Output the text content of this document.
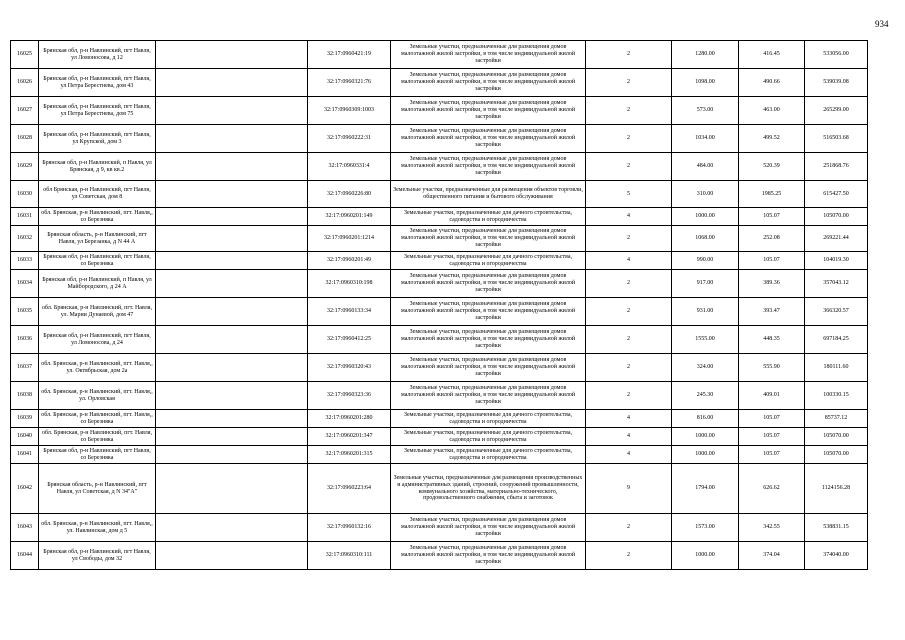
934
16025	Брянская обл, р-н Навлинский, пгт Навля, ул Ломоносова, д 12		32:17:0960421:19	Земельные участки, предназначенные для размещения домов малоэтажной жилой застройки, в том числе индивидуальной жилой застройки	2	1280.00	416.45	533056.00
16026	Брянская обл, р-н Навлинский, пгт Навля, ул Петра Берестнева, дом 43		32:17:0960321:76	Земельные участки, предназначенные для размещения домов малоэтажной жилой застройки, в том числе индивидуальной жилой застройки	2	1098.00	490.66	539039.08
16027	Брянская обл, р-н Навлинский, пгт Навля, ул Петра Берестнева, дом 75		32:17:0960309:1003	Земельные участки, предназначенные для размещения домов малоэтажной жилой застройки, в том числе индивидуальной жилой застройки	2	573.00	463.00	265299.00
16028	Брянская обл, р-н Навлинский, пгт Навля, ул Крупской, дом 3		32:17:0960222:31	Земельные участки, предназначенные для размещения домов малоэтажной жилой застройки, в том числе индивидуальной жилой застройки	2	1034.00	499.52	516503.68
16029	Брянская обл, р-н Навлинский, п Навля, ул Брянская, д 9, кв кв.2		32:17:0960331:4	Земельные участки, предназначенные для размещения домов малоэтажной жилой застройки, в том числе индивидуальной жилой застройки	2	484.00	520.39	251868.76
16030	обл Брянская, р-н Навлинский, пгт Навля, ул Советская, дом 8		32:17:0960226:80	Земельные участки, предназначенные для размещения объектов торговли, общественного питания и бытового обслуживания	5	310.00	1985.25	615427.50
16031	обл. Брянская, р-н Навлинский, пгт. Навля,, со Березняка		32:17:0960201:149	Земельные участки, предназначенные для дачного строительства, садоводства и огородничества	4	1000.00	105.07	105070.00
16032	Брянская область, р-н Навлинский, пгт Навля, ул Березанка, д N 44 А		32:17:0960201:1214	Земельные участки, предназначенные для размещения домов малоэтажной жилой застройки, в том числе индивидуальной жилой застройки	2	1068.00	252.08	269221.44
16033	Брянская обл, р-н Навлинский, пгт Навля, со Березняка		32:17:0960201:49	Земельные участки, предназначенные для дачного строительства, садоводства и огородничества	4	990.00	105.07	104019.30
16034	Брянская обл, р-н Навлинский, п Навля, ул Майбородского, д 24 А		32:17:0960310:198	Земельные участки, предназначенные для размещения домов малоэтажной жилой застройки, в том числе индивидуальной жилой застройки	2	917.00	389.36	357043.12
16035	обл. Брянская, р-н Навлинский, пгт. Навля, ул. Марии Дунаевой, дом 47		32:17:0960133:34	Земельные участки, предназначенные для размещения домов малоэтажной жилой застройки, в том числе индивидуальной жилой застройки	2	931.00	393.47	366320.57
16036	Брянская обл, р-н Навлинский, пгт Навля, ул Ломоносова, д 24		32:17:0960412:25	Земельные участки, предназначенные для размещения домов малоэтажной жилой застройки, в том числе индивидуальной жилой застройки	2	1555.00	448.35	697184.25
16037	обл. Брянская, р-н Навлинский, пгт. Навля,, ул. Октябрьская, дом 2а		32:17:0960320:43	Земельные участки, предназначенные для размещения домов малоэтажной жилой застройки, в том числе индивидуальной жилой застройки	2	324.00	555.90	180111.60
16038	обл. Брянская, р-н Навлинский, пгт. Навля,, ул. Орловская		32:17:0960323:36	Земельные участки, предназначенные для размещения домов малоэтажной жилой застройки, в том числе индивидуальной жилой застройки	2	245.30	409.01	100330.15
16039	обл. Брянская, р-н Навлинский, пгт. Навля,, со Березняка		32:17:0960201:280	Земельные участки, предназначенные для дачного строительства, садоводства и огородничества	4	816.00	105.07	85737.12
16040	обл. Брянская, р-н Навлинский, пгт. Навля, со Березняка		32:17:0960201:347	Земельные участки, предназначенные для дачного строительства, садоводства и огородничества	4	1000.00	105.07	105070.00
16041	Брянская обл, р-н Навлинский, пгт Навля, со Березняка		32:17:0960201:315	Земельные участки, предназначенные для дачного строительства, садоводства и огородничества	4	1000.00	105.07	105070.00
16042	Брянская область, р-н Навлинский, пгт Навля, ул Советская, д N 34"А"		32:17:0960223:64	Земельные участки, предназначенные для размещения производственных и административных зданий, строений, сооружений промышленности, коммунального хозяйства, материально-технического, продовольственного снабжения, сбыта и заготовок	9	1794.00	626.62	1124156.28
16043	обл. Брянская, р-н Навлинский, пгт. Навля,, ул. Навлинская, дом д 5		32:17:0960132:16	Земельные участки, предназначенные для размещения домов малоэтажной жилой застройки, в том числе индивидуальной жилой застройки	2	1573.00	342.55	538831.15
16044	Брянская обл, р-н Навлинский, пгт Навля, ул Свободы, дом 32		32:17:0960310:111	Земельные участки, предназначенные для размещения домов малоэтажной жилой застройки, в том числе индивидуальной жилой застройки	2	1000.00	374.04	374040.00
